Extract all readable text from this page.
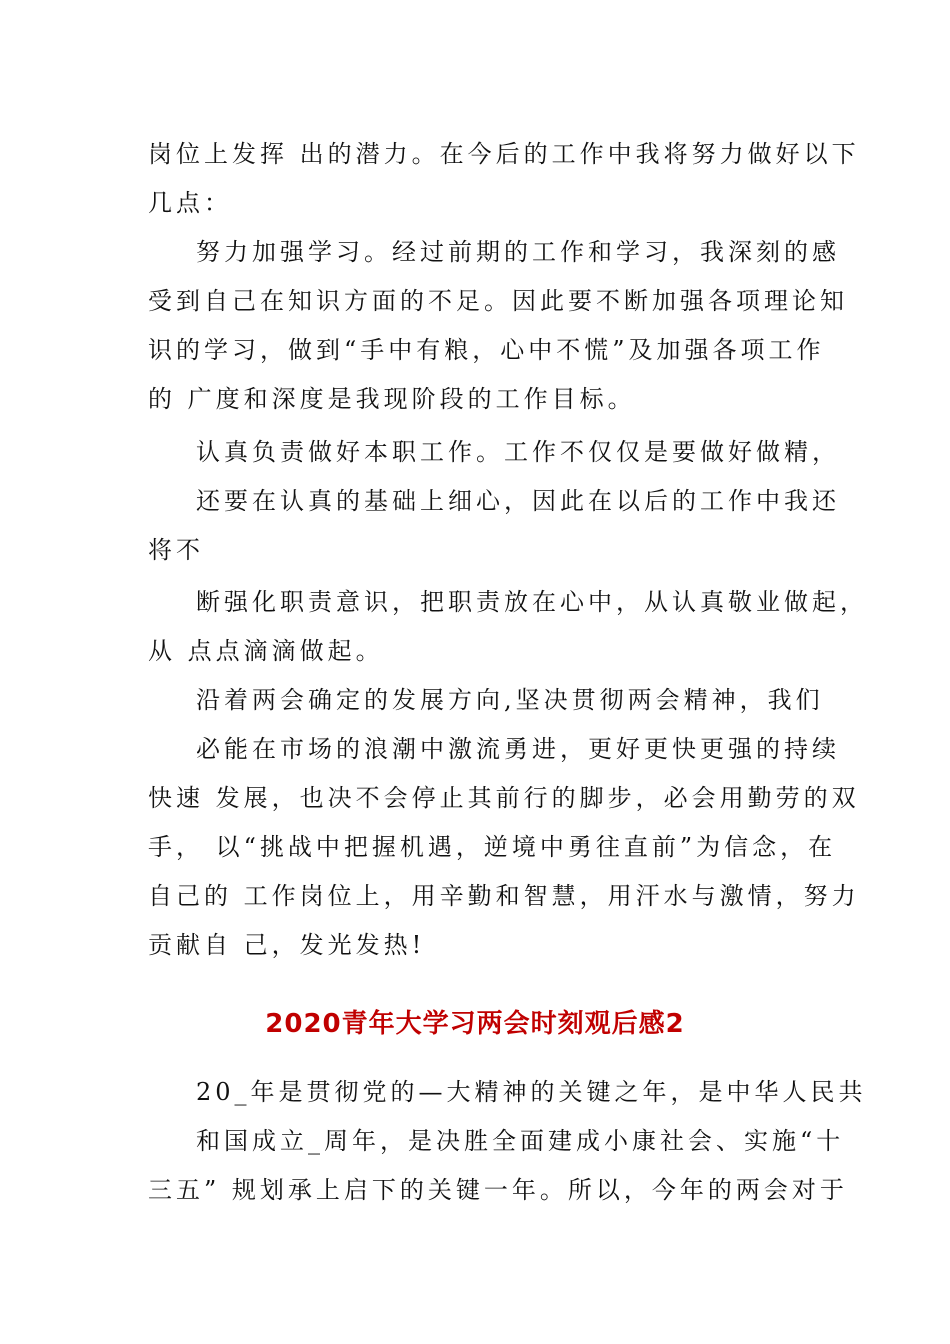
岗位上发挥 出的潜力。在今后的工作中我将努力做好以下
几点：
努力加强学习。经过前期的工作和学习，我深刻的感
受到自己在知识方面的不足。因此要不断加强各项理论知
识的学习，做到“手中有粮，心中不慌”及加强各项工作
的 广度和深度是我现阶段的工作目标。
认真负责做好本职工作。工作不仅仅是要做好做精，
还要在认真的基础上细心，因此在以后的工作中我还
将不
断强化职责意识，把职责放在心中，从认真敬业做起，
从 点点滴滴做起。
沿着两会确定的发展方向,坚决贯彻两会精神，我们
必能在市场的浪潮中激流勇进，更好更快更强的持续
快速 发展，也决不会停止其前行的脚步，必会用勤劳的双
手， 以“挑战中把握机遇，逆境中勇往直前”为信念，在
自己的 工作岗位上，用辛勤和智慧，用汗水与激情，努力
贡献自 己，发光发热!
2020青年大学习两会时刻观后感2
20_年是贯彻党的—大精神的关键之年，是中华人民共
和国成立_周年，是决胜全面建成小康社会、实施“十
三五” 规划承上启下的关键一年。所以，今年的两会对于
